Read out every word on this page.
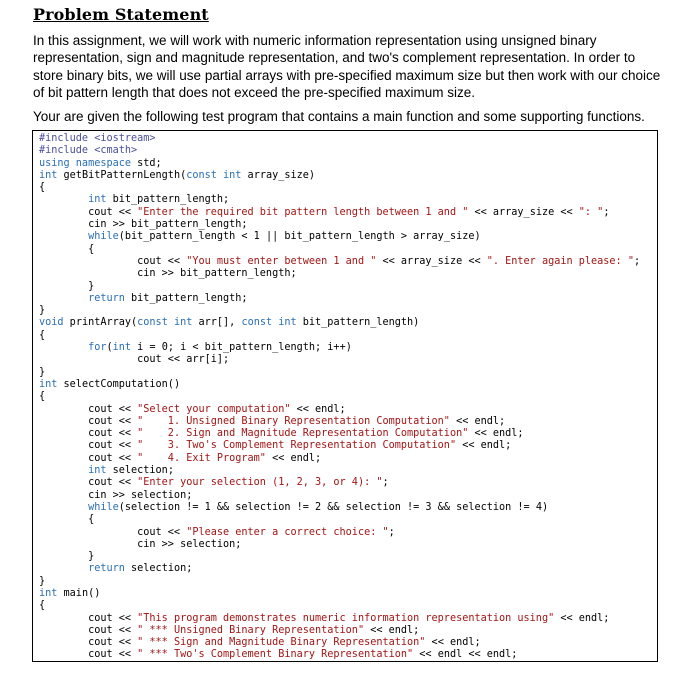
Problem Statement

In this assignment, we will work with numeric information representation using unsigned binary representation, sign and magnitude representation, and two's complement representation. In order to store binary bits, we will use partial arrays with pre-specified maximum size but then work with our choice of bit pattern length that does not exceed the pre-specified maximum size.

Your are given the following test program that contains a main function and some supporting functions.

#include <iostream>
#include <cmath>
using namespace std;
int getBitPatternLength(const int array_size)
{
int bit_pattern_length;
cout << "Enter the required bit pattern length between 1 and " << array_size << ": ";
cin >> bit_pattern_length;
while(bit_pattern_length < 1 || bit_pattern_length > array_size)
{
cout << "You must enter between 1 and " << array_size << ". Enter again please: ";
cin >> bit_pattern_length;
}
return bit_pattern_length;
}
void printArray(const int arr[], const int bit_pattern_length)
{
for(int i = 0; i < bit_pattern_length; i++)
cout << arr[i];
}
int selectComputation()
{
cout << "Select your computation" << endl;
cout << "    1. Unsigned Binary Representation Computation" << endl;
cout << "    2. Sign and Magnitude Representation Computation" << endl;
cout << "    3. Two's Complement Representation Computation" << endl;
cout << "    4. Exit Program" << endl;
int selection;
cout << "Enter your selection (1, 2, 3, or 4): ";
cin >> selection;
while(selection != 1 && selection != 2 && selection != 3 && selection != 4)
{
cout << "Please enter a correct choice: ";
cin >> selection;
}
return selection;
}
int main()
{
cout << "This program demonstrates numeric information representation using" << endl;
cout << " *** Unsigned Binary Representation" << endl;
cout << " *** Sign and Magnitude Binary Representation" << endl;
cout << " *** Two's Complement Binary Representation" << endl << endl;
